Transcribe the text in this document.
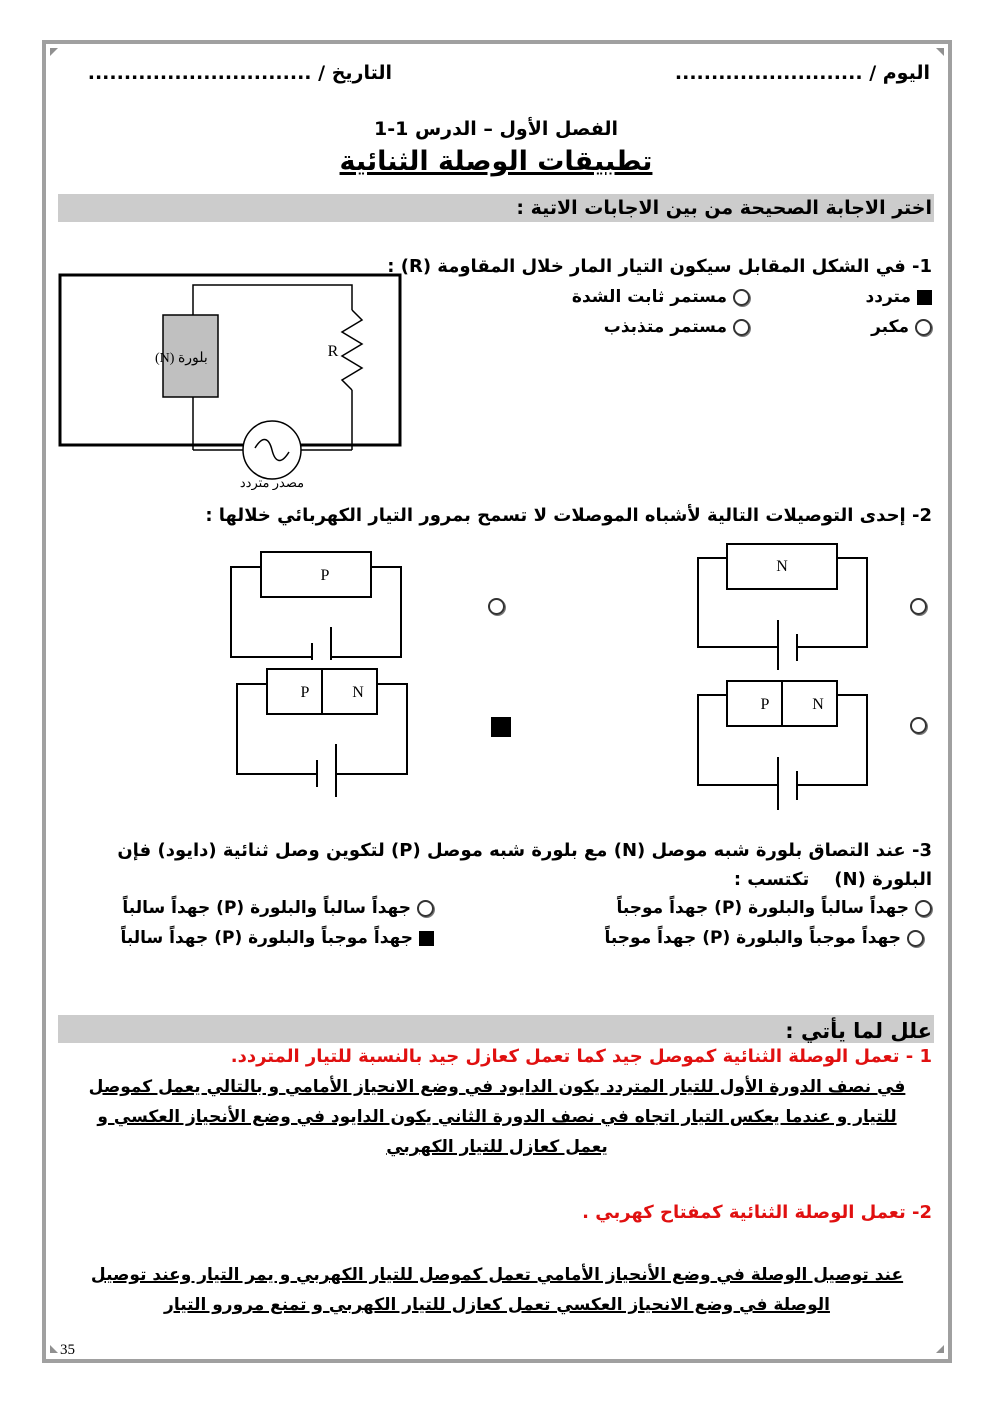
اليوم / ..........................
التاريخ / ...............................
الفصل الأول – الدرس 1-1
تطبيقات الوصلة الثنائية
اختر الاجابة الصحيحة من بين الاجابات الاتية :
1- في الشكل المقابل سيكون التيار المار خلال المقاومة (R) :
متردد
مستمر ثابت الشدة
مكبر
مستمر متذبذب
بلورة (N)	R
مصدر متردد
2- إحدى التوصيلات التالية لأشباه الموصلات لا تسمح بمرور التيار الكهربائي خلالها :
N
P
P	N
P	N
3- عند التصاق بلورة شبه موصل (N) مع بلورة شبه موصل (P) لتكوين وصل ثنائية (دايود) فإن
البلورة (N)    تكتسب :
جهداً سالباً والبلورة (P) جهداً موجباً
جهداً سالباً والبلورة (P) جهداً سالباً
جهداً موجباً والبلورة (P) جهداً موجباً
جهداً موجباً والبلورة (P) جهداً سالباً
علل لما يأتي :
1 - تعمل الوصلة الثنائية كموصل جيد كما تعمل كعازل جيد بالنسبة للتيار المتردد.
في نصف الدورة الأول للتيار المتردد يكون الدايود في وضع الانحياز الأمامي و بالتالي يعمل كموصل
للتيار و عندما يعكس التيار اتجاه في نصف الدورة الثاني يكون الدايود في وضع الأنحياز العكسي و
يعمل كعازل للتيار الكهربي
2- تعمل الوصلة الثنائية كمفتاح كهربي .
عند توصيل الوصلة في وضع الأنحياز الأمامي تعمل كموصل للتيار الكهربي و يمر التيار وعند توصيل
الوصلة في وضع الانحياز العكسي تعمل كعازل للتيار الكهربي و تمنع مرورو التيار
35
